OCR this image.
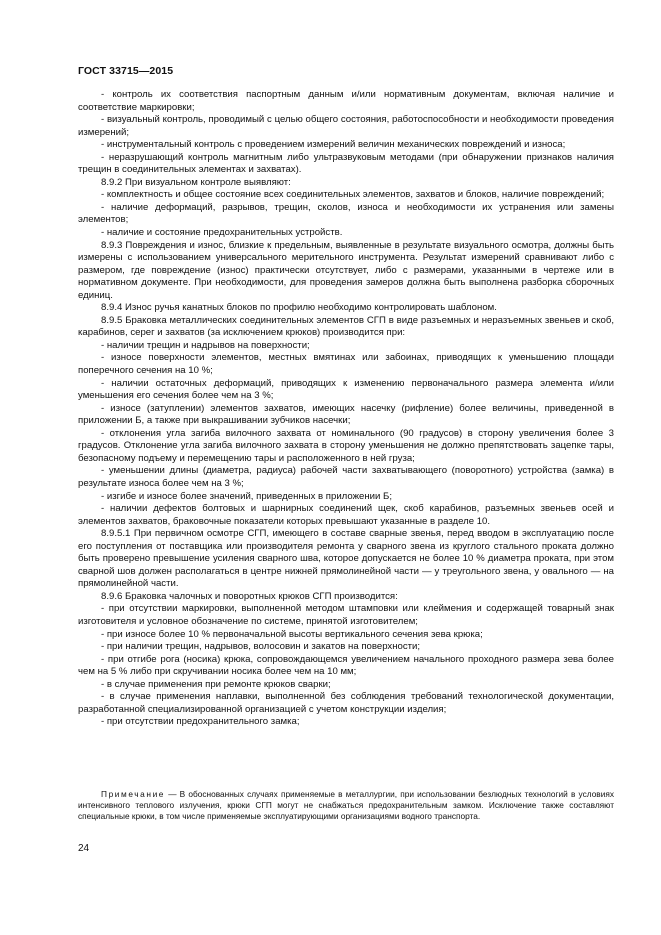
ГОСТ 33715—2015

- контроль их соответствия паспортным данным и/или нормативным документам, включая наличие и соответствие маркировки;

- визуальный контроль, проводимый с целью общего состояния, работоспособности и необходимости проведения измерений;

- инструментальный контроль с проведением измерений величин механических повреждений и износа;

- неразрушающий контроль магнитным либо ультразвуковым методами (при обнаружении признаков наличия трещин в соединительных элементах и захватах).

8.9.2 При визуальном контроле выявляют:

- комплектность и общее состояние всех соединительных элементов, захватов и блоков, наличие повреждений;

- наличие деформаций, разрывов, трещин, сколов, износа и необходимости их устранения или замены элементов;

- наличие и состояние предохранительных устройств.

8.9.3 Повреждения и износ, близкие к предельным, выявленные в результате визуального осмотра, должны быть измерены с использованием универсального мерительного инструмента. Результат измерений сравнивают либо с размером, где повреждение (износ) практически отсутствует, либо с размерами, указанными в чертеже или в нормативном документе. При необходимости, для проведения замеров должна быть выполнена разборка сборочных единиц.

8.9.4 Износ ручья канатных блоков по профилю необходимо контролировать шаблоном.

8.9.5 Браковка металлических соединительных элементов СГП в виде разъемных и неразъемных звеньев и скоб, карабинов, серег и захватов (за исключением крюков) производится при:

- наличии трещин и надрывов на поверхности;

- износе поверхности элементов, местных вмятинах или забоинах, приводящих к уменьшению площади поперечного сечения на 10 %;

- наличии остаточных деформаций, приводящих к изменению первоначального размера элемента и/или уменьшения его сечения более чем на 3 %;

- износе (затуплении) элементов захватов, имеющих насечку (рифление) более величины, приведенной в приложении Б, а также при выкрашивании зубчиков насечки;

- отклонения угла загиба вилочного захвата от номинального (90 градусов) в сторону увеличения более 3 градусов. Отклонение угла загиба вилочного захвата в сторону уменьшения не должно препятствовать зацепке тары, безопасному подъему и перемещению тары и расположенного в ней груза;

- уменьшении длины (диаметра, радиуса) рабочей части захватывающего (поворотного) устройства (замка) в результате износа более чем на 3 %;

- изгибе и износе более значений, приведенных в приложении Б;

- наличии дефектов болтовых и шарнирных соединений щек, скоб карабинов, разъемных звеньев осей и элементов захватов, браковочные показатели которых превышают указанные в разделе 10.

8.9.5.1 При первичном осмотре СГП, имеющего в составе сварные звенья, перед вводом в эксплуатацию после его поступления от поставщика или производителя ремонта у сварного звена из круглого стального проката должно быть проверено превышение усиления сварного шва, которое допускается не более 10 % диаметра проката, при этом сварной шов должен располагаться в центре нижней прямолинейной части — у треугольного звена, у овального — на прямолинейной части.

8.9.6 Браковка чалочных и поворотных крюков СГП производится:

- при отсутствии маркировки, выполненной методом штамповки или клеймения и содержащей товарный знак изготовителя и условное обозначение по системе, принятой изготовителем;

- при износе более 10 % первоначальной высоты вертикального сечения зева крюка;

- при наличии трещин, надрывов, волосовин и закатов на поверхности;

- при отгибе рога (носика) крюка, сопровождающемся увеличением начального проходного размера зева более чем на 5 % либо при скручивании носика более чем на 10 мм;

- в случае применения при ремонте крюков сварки;

- в случае применения наплавки, выполненной без соблюдения требований технологической документации, разработанной специализированной организацией с учетом конструкции изделия;

- при отсутствии предохранительного замка;

Примечание — В обоснованных случаях применяемые в металлургии, при использовании безлюдных технологий в условиях интенсивного теплового излучения, крюки СГП могут не снабжаться предохранительным замком. Исключение также составляют специальные крюки, в том числе применяемые эксплуатирующими организациями водного транспорта.

24
